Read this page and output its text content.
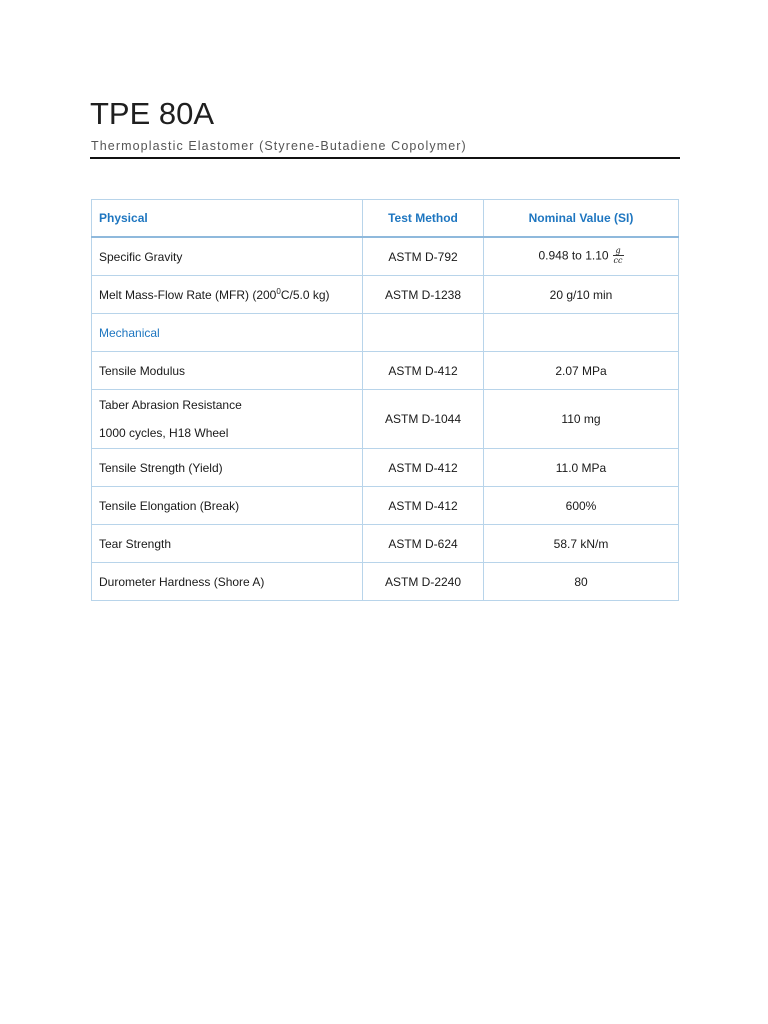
TPE 80A
Thermoplastic Elastomer (Styrene-Butadiene Copolymer)
Physical	Test Method	Nominal Value (SI)
Specific Gravity	ASTM D-792	0.948 to $1.10 \frac{g}{cc}$

Melt Mass-Flow Rate (MFR) ($200^0C/5.0$ kg)	ASTM D-1238	20 g/10 min
Mechanical		
Tensile Modulus	ASTM D-412	2.07 MPa
Taber Abrasion Resistance
1000 cycles, H18 Wheel	ASTM D-1044	110 mg
Tensile Strength (Yield)	ASTM D-412	11.0 MPa
Tensile Elongation (Break)	ASTM D-412	600%
Tear Strength	ASTM D-624	58.7 kN/m
Durometer Hardness (Shore A)	ASTM D-2240	80
